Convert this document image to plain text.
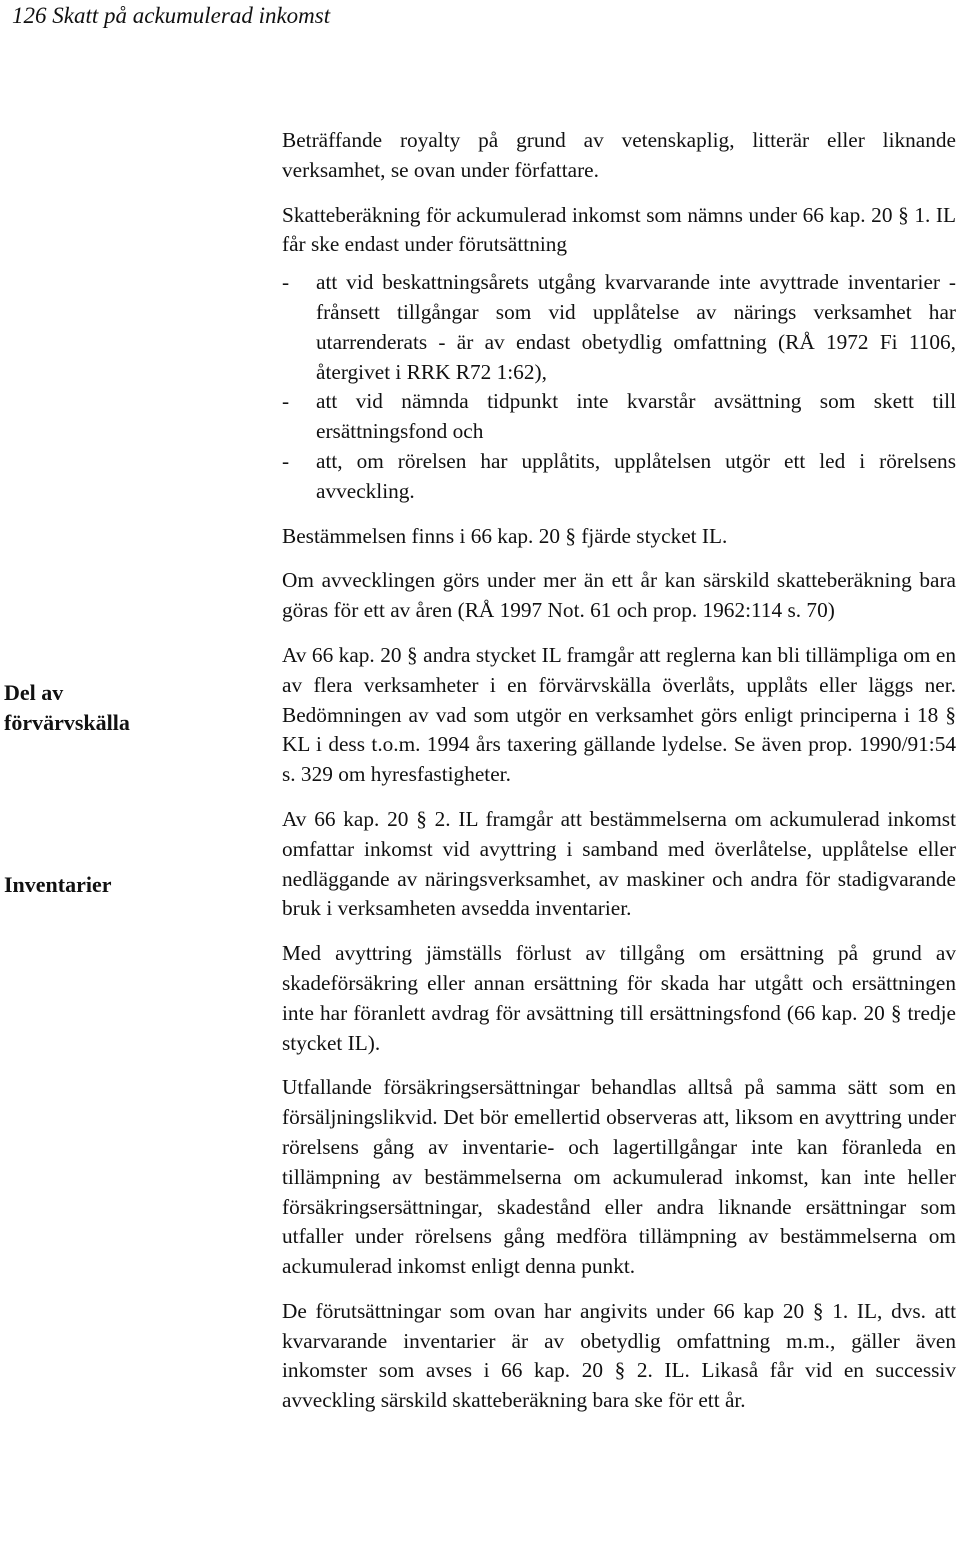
126 Skatt på ackumulerad inkomst
Del av
förvärvskälla
Inventarier

Beträffande royalty på grund av vetenskaplig, litterär eller liknande verksamhet, se ovan under författare.

Skatteberäkning för ackumulerad inkomst som nämns under 66 kap. 20 § 1. IL får ske endast under förutsättning

- att vid beskattningsårets utgång kvarvarande inte avyttrade inventarier - frånsett tillgångar som vid upplåtelse av närings verksamhet har utarrenderats - är av endast obetydlig omfattning (RÅ 1972 Fi 1106, återgivet i RRK R72 1:62),
- att vid nämnda tidpunkt inte kvarstår avsättning som skett till ersättningsfond och
- att, om rörelsen har upplåtits, upplåtelsen utgör ett led i rörelsens avveckling.

Bestämmelsen finns i 66 kap. 20 § fjärde stycket IL.

Om avvecklingen görs under mer än ett år kan särskild skatteberäkning bara göras för ett av åren (RÅ 1997 Not. 61 och prop. 1962:114 s. 70)

Av 66 kap. 20 § andra stycket IL framgår att reglerna kan bli tillämpliga om en av flera verksamheter i en förvärvskälla överlåts, upplåts eller läggs ner. Bedömningen av vad som utgör en verksamhet görs enligt principerna i 18 § KL i dess t.o.m. 1994 års taxering gällande lydelse. Se även prop. 1990/91:54 s. 329 om hyresfastigheter.

Av 66 kap. 20 § 2. IL framgår att bestämmelserna om ackumulerad inkomst omfattar inkomst vid avyttring i samband med överlåtelse, upplåtelse eller nedläggande av näringsverksamhet, av maskiner och andra för stadigvarande bruk i verksamheten avsedda inventarier.

Med avyttring jämställs förlust av tillgång om ersättning på grund av skadeförsäkring eller annan ersättning för skada har utgått och ersättningen inte har föranlett avdrag för avsättning till ersättningsfond (66 kap. 20 § tredje stycket IL).

Utfallande försäkringsersättningar behandlas alltså på samma sätt som en försäljningslikvid. Det bör emellertid observeras att, liksom en avyttring under rörelsens gång av inventarie- och lagertillgångar inte kan föranleda en tillämpning av bestämmelserna om ackumulerad inkomst, kan inte heller försäkringsersättningar, skadestånd eller andra liknande ersättningar som utfaller under rörelsens gång medföra tillämpning av bestämmelserna om ackumulerad inkomst enligt denna punkt.

De förutsättningar som ovan har angivits under 66 kap 20 § 1. IL, dvs. att kvarvarande inventarier är av obetydlig omfattning m.m., gäller även inkomster som avses i 66 kap. 20 § 2. IL. Likaså får vid en successiv avveckling särskild skatteberäkning bara ske för ett år.
